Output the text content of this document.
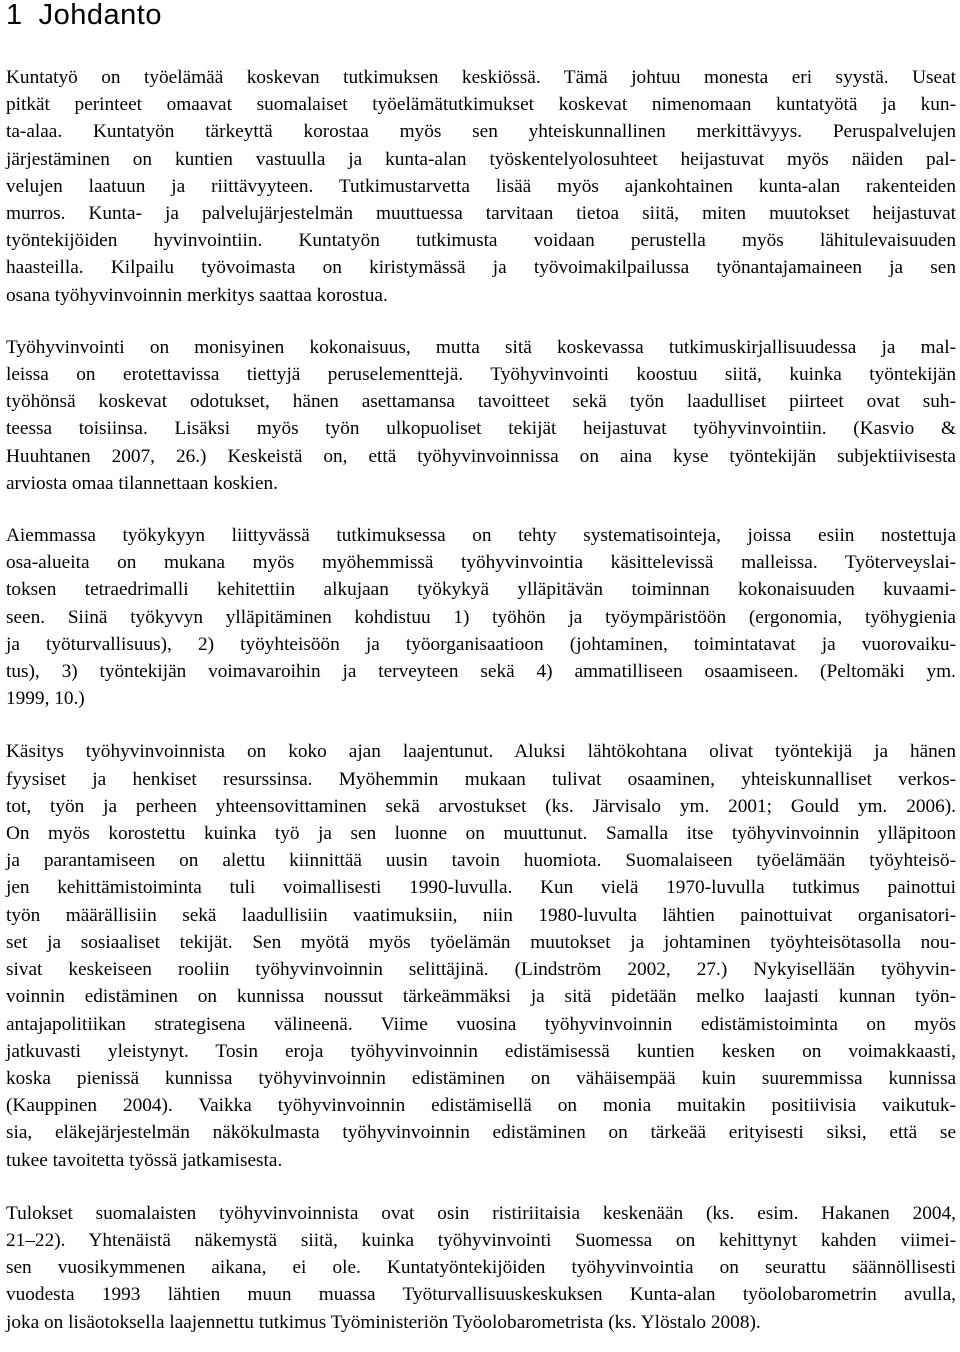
1 Johdanto

Kuntatyö on työelämää koskevan tutkimuksen keskiössä. Tämä johtuu monesta eri syystä. Useat
pitkät perinteet omaavat suomalaiset työelämätutkimukset koskevat nimenomaan kuntatyötä ja kun-
ta-alaa. Kuntatyön tärkeyttä korostaa myös sen yhteiskunnallinen merkittävyys. Peruspalvelujen
järjestäminen on kuntien vastuulla ja kunta-alan työskentelyolosuhteet heijastuvat myös näiden pal-
velujen laatuun ja riittävyyteen. Tutkimustarvetta lisää myös ajankohtainen kunta-alan rakenteiden
murros. Kunta- ja palvelujärjestelmän muuttuessa tarvitaan tietoa siitä, miten muutokset heijastuvat
työntekijöiden hyvinvointiin. Kuntatyön tutkimusta voidaan perustella myös lähitulevaisuuden
haasteilla. Kilpailu työvoimasta on kiristymässä ja työvoimakilpailussa työnantajamaineen ja sen
osana työhyvinvoinnin merkitys saattaa korostua.

Työhyvinvointi on monisyinen kokonaisuus, mutta sitä koskevassa tutkimuskirjallisuudessa ja mal-
leissa on erotettavissa tiettyjä peruselementtejä. Työhyvinvointi koostuu siitä, kuinka työntekijän
työhönsä koskevat odotukset, hänen asettamansa tavoitteet sekä työn laadulliset piirteet ovat suh-
teessa toisiinsa. Lisäksi myös työn ulkopuoliset tekijät heijastuvat työhyvinvointiin. (Kasvio &
Huuhtanen 2007, 26.) Keskeistä on, että työhyvinvoinnissa on aina kyse työntekijän subjektiivisesta
arviosta omaa tilannettaan koskien.

Aiemmassa työkykyyn liittyvässä tutkimuksessa on tehty systematisointeja, joissa esiin nostettuja
osa-alueita on mukana myös myöhemmissä työhyvinvointia käsittelevissä malleissa. Työterveyslai-
toksen tetraedrimalli kehitettiin alkujaan työkykyä ylläpitävän toiminnan kokonaisuuden kuvaami-
seen. Siinä työkyvyn ylläpitäminen kohdistuu 1) työhön ja työympäristöön (ergonomia, työhygienia
ja työturvallisuus), 2) työyhteisöön ja työorganisaatioon (johtaminen, toimintatavat ja vuorovaiku-
tus), 3) työntekijän voimavaroihin ja terveyteen sekä 4) ammatilliseen osaamiseen. (Peltomäki ym.
1999, 10.)

Käsitys työhyvinvoinnista on koko ajan laajentunut. Aluksi lähtökohtana olivat työntekijä ja hänen
fyysiset ja henkiset resurssinsa. Myöhemmin mukaan tulivat osaaminen, yhteiskunnalliset verkos-
tot, työn ja perheen yhteensovittaminen sekä arvostukset (ks. Järvisalo ym. 2001; Gould ym. 2006).
On myös korostettu kuinka työ ja sen luonne on muuttunut. Samalla itse työhyvinvoinnin ylläpitoon
ja parantamiseen on alettu kiinnittää uusin tavoin huomiota. Suomalaiseen työelämään työyhteisö-
jen kehittämistoiminta tuli voimallisesti 1990-luvulla. Kun vielä 1970-luvulla tutkimus painottui
työn määrällisiin sekä laadullisiin vaatimuksiin, niin 1980-luvulta lähtien painottuivat organisatori-
set ja sosiaaliset tekijät. Sen myötä myös työelämän muutokset ja johtaminen työyhteisötasolla nou-
sivat keskeiseen rooliin työhyvinvoinnin selittäjinä. (Lindström 2002, 27.) Nykyisellään työhyvin-
voinnin edistäminen on kunnissa noussut tärkeämmäksi ja sitä pidetään melko laajasti kunnan työn-
antajapolitiikan strategisena välineenä. Viime vuosina työhyvinvoinnin edistämistoiminta on myös
jatkuvasti yleistynyt. Tosin eroja työhyvinvoinnin edistämisessä kuntien kesken on voimakkaasti,
koska pienissä kunnissa työhyvinvoinnin edistäminen on vähäisempää kuin suuremmissa kunnissa
(Kauppinen 2004). Vaikka työhyvinvoinnin edistämisellä on monia muitakin positiivisia vaikutuk-
sia, eläkejärjestelmän näkökulmasta työhyvinvoinnin edistäminen on tärkeää erityisesti siksi, että se
tukee tavoitetta työssä jatkamisesta.

Tulokset suomalaisten työhyvinvoinnista ovat osin ristiriitaisia keskenään (ks. esim. Hakanen 2004,
21–22). Yhtenäistä näkemystä siitä, kuinka työhyvinvointi Suomessa on kehittynyt kahden viimei-
sen vuosikymmenen aikana, ei ole. Kuntatyöntekijöiden työhyvinvointia on seurattu säännöllisesti
vuodesta 1993 lähtien muun muassa Työturvallisuuskeskuksen Kunta-alan työolobarometrin avulla,
joka on lisäotoksella laajennettu tutkimus Työministeriön Työolobarometrista (ks. Ylöstalo 2008).
